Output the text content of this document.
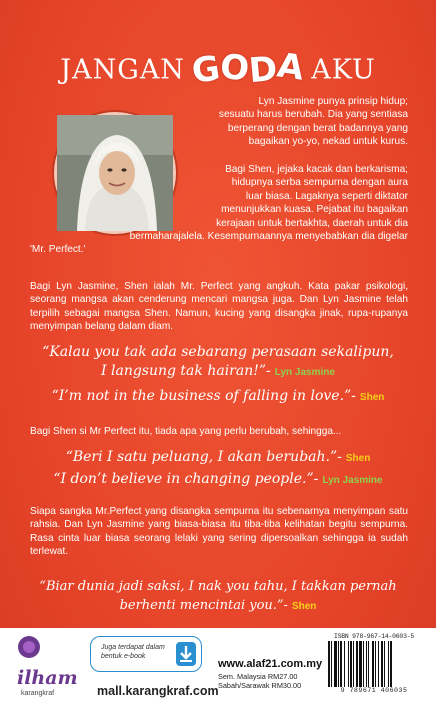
JANGAN GODA AKU
Lyn Jasmine punya prinsip hidup;
sesuatu harus berubah. Dia yang sentiasa
berperang dengan berat badannya yang
bagaikan yo-yo, nekad untuk kurus.
Bagi Shen, jejaka kacak dan berkarisma;
hidupnya serba sempurna dengan aura
luar biasa. Lagaknya seperti diktator
menunjukkan kuasa. Pejabat itu bagaikan
kerajaan untuk bertakhta, daerah untuk dia
bermaharajalela. Kesempurnaannya menyebabkan dia digelar
'Mr. Perfect.'

Bagi Lyn Jasmine, Shen ialah Mr. Perfect yang angkuh. Kata pakar psikologi, seorang mangsa akan cenderung mencari mangsa juga. Dan Lyn Jasmine telah terpilih sebagai mangsa Shen. Namun, kucing yang disangka jinak, rupa-rupanya menyimpan belang dalam diam.

“Kalau you tak ada sebarang perasaan sekalipun,
I langsung tak hairan!”- Lyn Jasmine
“I’m not in the business of falling in love.”- Shen

Bagi Shen si Mr Perfect itu, tiada apa yang perlu berubah, sehingga...

“Beri I satu peluang, I akan berubah.”- Shen
“I don’t believe in changing people.”- Lyn Jasmine

Siapa sangka Mr.Perfect yang disangka sempurna itu sebenarnya menyimpan satu rahsia. Dan Lyn Jasmine yang biasa-biasa itu tiba-tiba kelihatan begitu sempurna. Rasa cinta luar biasa seorang lelaki yang sering dipersoalkan sehingga ia sudah terlewat.

“Biar dunia jadi saksi, I nak you tahu, I takkan pernah
berhenti mencintai you.”- Shen
ilham
karangkraf
Juga terdapat dalam bentuk e-book
mall.karangkraf.com
www.alaf21.com.my
Sem. Malaysia RM27.00
Sabah/Sarawak RM30.00
ISBN 978-967-14-0603-5
9 789671 406035
